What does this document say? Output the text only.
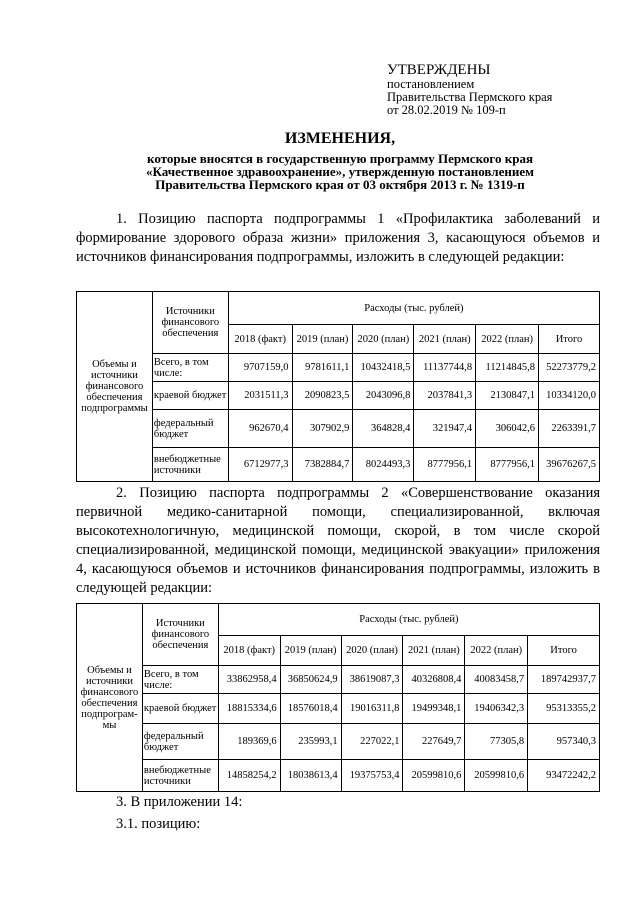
УТВЕРЖДЕНЫ
постановлением
Правительства Пермского края
от 28.02.2019 № 109-п
ИЗМЕНЕНИЯ,
которые вносятся в государственную программу Пермского края
«Качественное здравоохранение», утвержденную постановлением
Правительства Пермского края от 03 октября 2013 г. № 1319-п
1. Позицию паспорта подпрограммы 1 «Профилактика заболеваний и формирование здорового образа жизни» приложения 3, касающуюся объемов и источников финансирования подпрограммы, изложить в следующей редакции:
Объемы и источники финансового обеспечения подпрограммы	Источники финансового обеспечения	Расходы (тыс. рублей)					
		2018 (факт)	2019 (план)	2020 (план)	2021 (план)	2022 (план)	Итого
	Всего, в том числе:	9707159,0	9781611,1	10432418,5	11137744,8	11214845,8	52273779,2
	краевой бюджет	2031511,3	2090823,5	2043096,8	2037841,3	2130847,1	10334120,0
	федеральный бюджет	962670,4	307902,9	364828,4	321947,4	306042,6	2263391,7
	внебюджетные источники	6712977,3	7382884,7	8024493,3	8777956,1	8777956,1	39676267,5
2. Позицию паспорта подпрограммы 2 «Совершенствование оказания первичной медико-санитарной помощи, специализированной, включая высокотехнологичную, медицинской помощи, скорой, в том числе скорой специализированной, медицинской помощи, медицинской эвакуации» приложения 4, касающуюся объемов и источников финансирования подпрограммы, изложить в следующей редакции:
Объемы и источники финансового обеспечения подпрограм-мы	Источники финансового обеспечения	Расходы (тыс. рублей)					
		2018 (факт)	2019 (план)	2020 (план)	2021 (план)	2022 (план)	Итого
	Всего, в том числе:	33862958,4	36850624,9	38619087,3	40326808,4	40083458,7	189742937,7
	краевой бюджет	18815334,6	18576018,4	19016311,8	19499348,1	19406342,3	95313355,2
	федеральный бюджет	189369,6	235993,1	227022,1	227649,7	77305,8	957340,3
	внебюджетные источники	14858254,2	18038613,4	19375753,4	20599810,6	20599810,6	93472242,2
3. В приложении 14:
3.1. позицию:
